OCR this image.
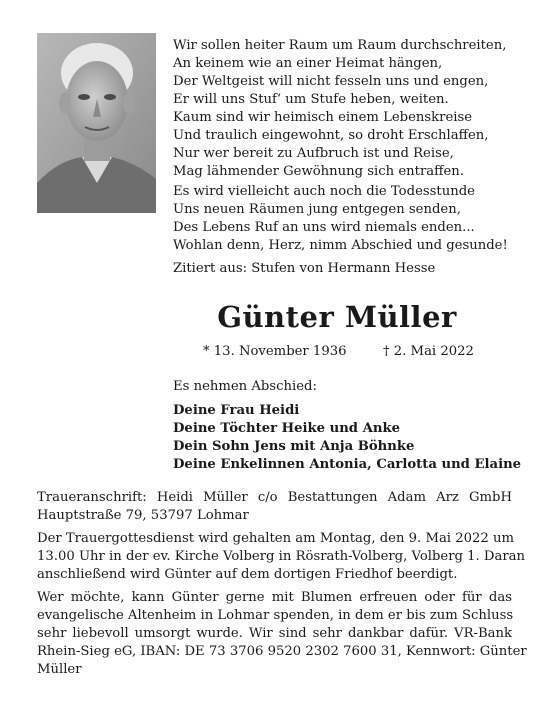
Wir sollen heiter Raum um Raum durchschreiten,
An keinem wie an einer Heimat hängen,
Der Weltgeist will nicht fesseln uns und engen,
Er will uns Stuf‘ um Stufe heben, weiten.
Kaum sind wir heimisch einem Lebenskreise
Und traulich eingewohnt, so droht Erschlaffen,
Nur wer bereit zu Aufbruch ist und Reise,
Mag lähmender Gewöhnung sich entraffen.
Es wird vielleicht auch noch die Todesstunde
Uns neuen Räumen jung entgegen senden,
Des Lebens Ruf an uns wird niemals enden...
Wohlan denn, Herz, nimm Abschied und gesunde!
Zitiert aus: Stufen von Hermann Hesse
Günter Müller
* 13. November 1936	† 2. Mai 2022
Es nehmen Abschied:
Deine Frau Heidi
Deine Töchter Heike und Anke
Dein Sohn Jens mit Anja Böhnke
Deine Enkelinnen Antonia, Carlotta und Elaine
Traueranschrift: Heidi Müller c/o Bestattungen Adam Arz GmbH
Hauptstraße 79, 53797 Lohmar
Der Trauergottesdienst wird gehalten am Montag, den 9. Mai 2022 um
13.00 Uhr in der ev. Kirche Volberg in Rösrath-Volberg, Volberg 1. Daran
anschließend wird Günter auf dem dortigen Friedhof beerdigt.
Wer möchte, kann Günter gerne mit Blumen erfreuen oder für das
evangelische Altenheim in Lohmar spenden, in dem er bis zum Schluss
sehr liebevoll umsorgt wurde. Wir sind sehr dankbar dafür. VR-Bank
Rhein-Sieg eG, IBAN: DE 73 3706 9520 2302 7600 31, Kennwort: Günter
Müller
